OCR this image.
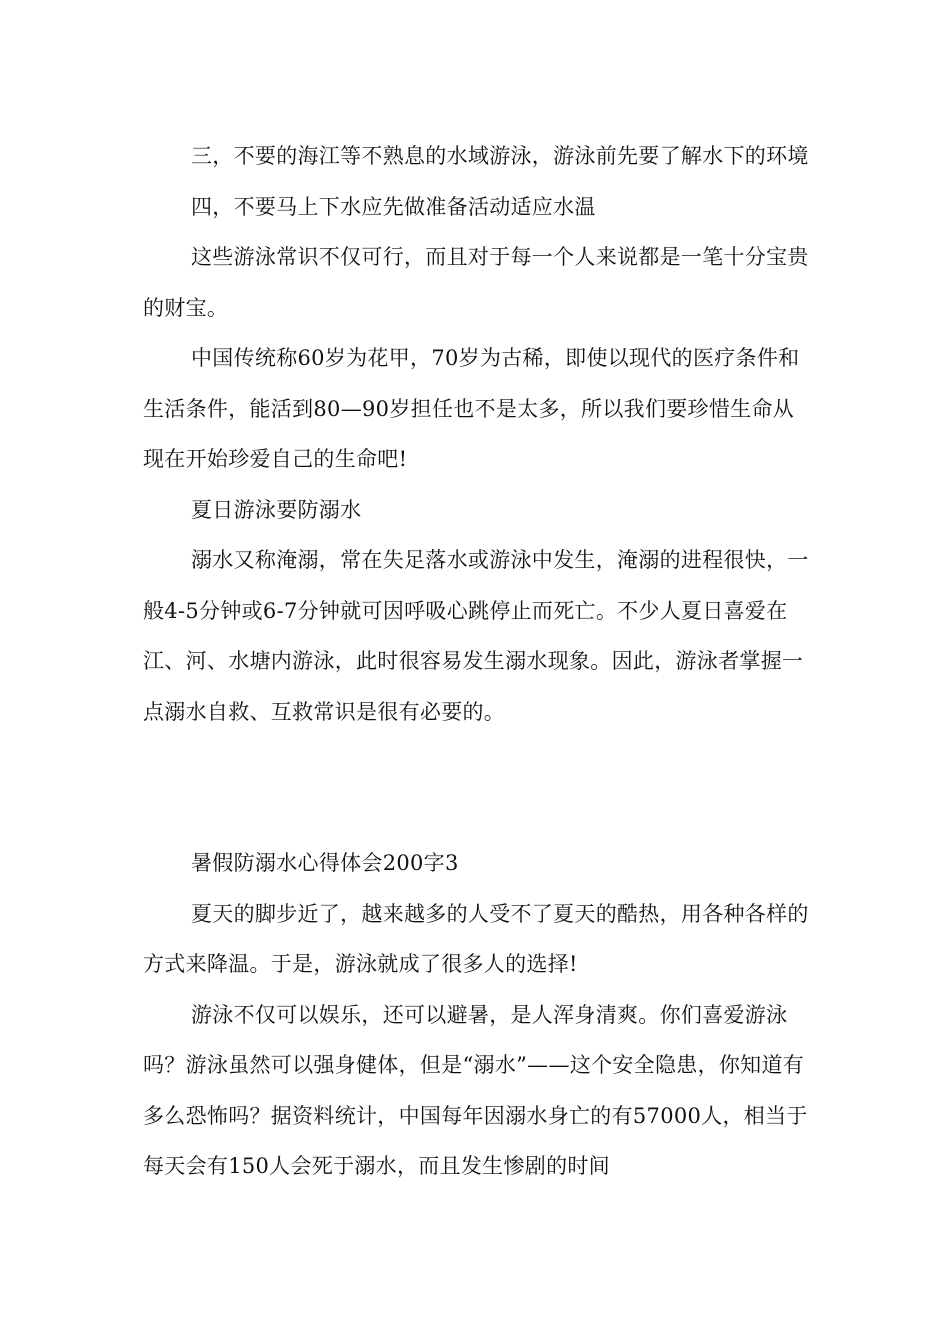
三，不要的海江等不熟息的水域游泳，游泳前先要了解水下的环境

四，不要马上下水应先做准备活动适应水温

这些游泳常识不仅可行，而且对于每一个人来说都是一笔十分宝贵的财宝。

中国传统称60岁为花甲，70岁为古稀，即使以现代的医疗条件和生活条件，能活到80—90岁担任也不是太多，所以我们要珍惜生命从现在开始珍爱自己的生命吧!

夏日游泳要防溺水

溺水又称淹溺，常在失足落水或游泳中发生，淹溺的进程很快，一般4-5分钟或6-7分钟就可因呼吸心跳停止而死亡。不少人夏日喜爱在江、河、水塘内游泳，此时很容易发生溺水现象。因此，游泳者掌握一点溺水自救、互救常识是很有必要的。

暑假防溺水心得体会200字3

夏天的脚步近了，越来越多的人受不了夏天的酷热，用各种各样的方式来降温。于是，游泳就成了很多人的选择!

游泳不仅可以娱乐，还可以避暑，是人浑身清爽。你们喜爱游泳吗？游泳虽然可以强身健体，但是“溺水”——这个安全隐患，你知道有多么恐怖吗？据资料统计，中国每年因溺水身亡的有57000人，相当于每天会有150人会死于溺水，而且发生惨剧的时间
